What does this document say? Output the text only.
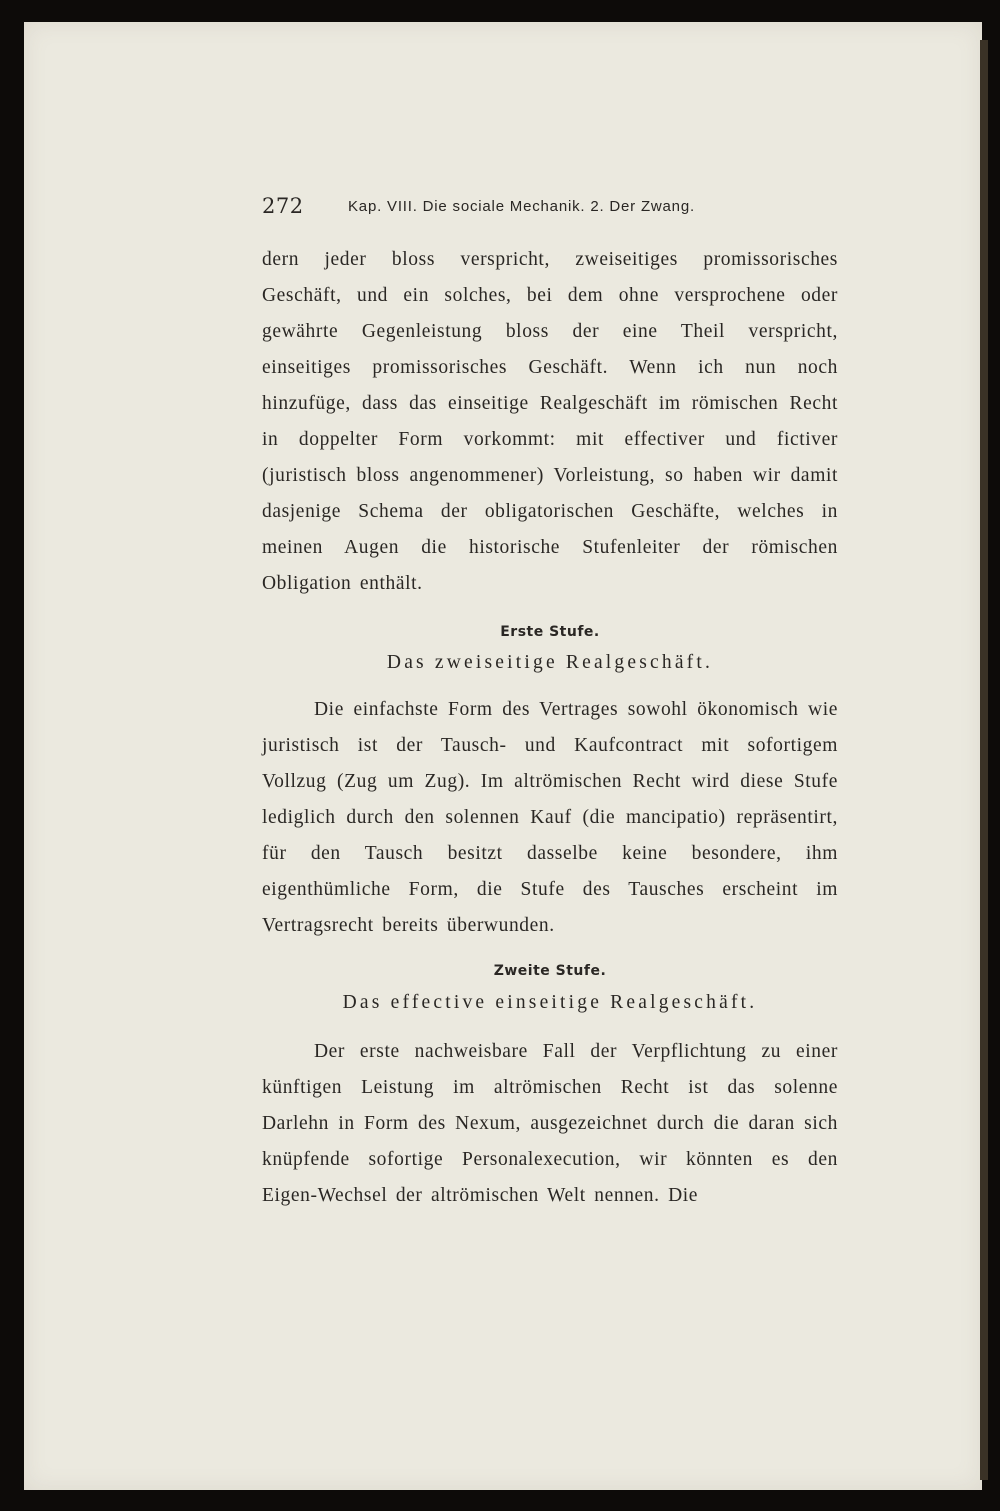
272	Kap. VIII. Die sociale Mechanik. 2. Der Zwang.
dern jeder bloss verspricht, zweiseitiges promissorisches Geschäft, und ein solches, bei dem ohne versprochene oder gewährte Gegenleistung bloss der eine Theil verspricht, einseitiges promissorisches Geschäft. Wenn ich nun noch hinzufüge, dass das einseitige Realgeschäft im römischen Recht in doppelter Form vorkommt: mit effectiver und fictiver (juristisch bloss angenommener) Vorleistung, so haben wir damit dasjenige Schema der obligatorischen Geschäfte, welches in meinen Augen die historische Stufenleiter der römischen Obligation enthält.
Erste Stufe.
Das zweiseitige Realgeschäft.
Die einfachste Form des Vertrages sowohl ökonomisch wie juristisch ist der Tausch- und Kaufcontract mit sofortigem Vollzug (Zug um Zug). Im altrömischen Recht wird diese Stufe lediglich durch den solennen Kauf (die mancipatio) repräsentirt, für den Tausch besitzt dasselbe keine besondere, ihm eigenthümliche Form, die Stufe des Tausches erscheint im Vertragsrecht bereits überwunden.
Zweite Stufe.
Das effective einseitige Realgeschäft.
Der erste nachweisbare Fall der Verpflichtung zu einer künftigen Leistung im altrömischen Recht ist das solenne Darlehn in Form des Nexum, ausgezeichnet durch die daran sich knüpfende sofortige Personalexecution, wir könnten es den Eigen-Wechsel der altrömischen Welt nennen. Die
